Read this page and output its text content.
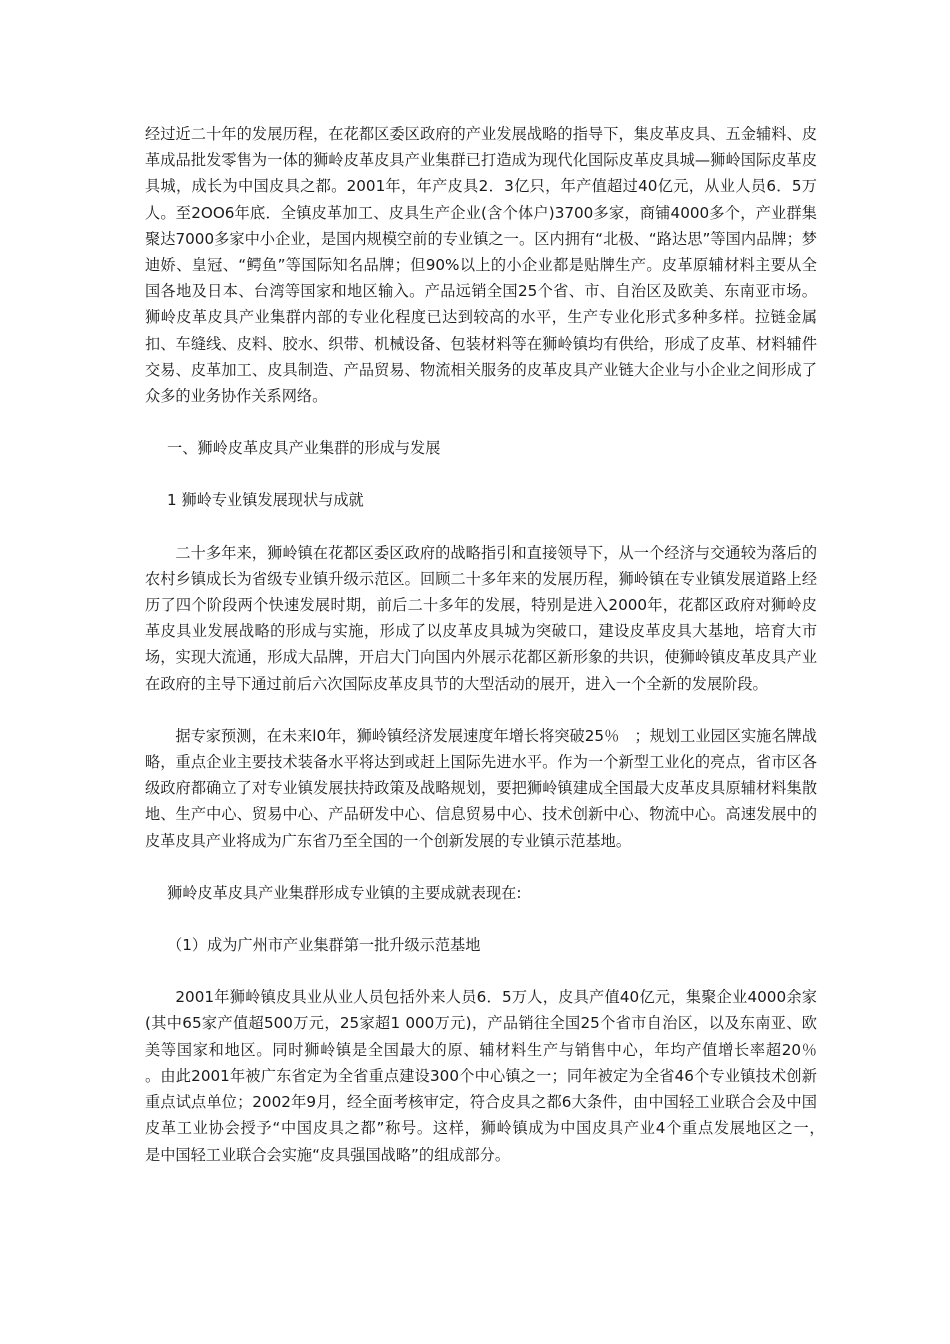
经过近二十年的发展历程，在花都区委区政府的产业发展战略的指导下，集皮革皮具、五金辅料、皮革成品批发零售为一体的狮岭皮革皮具产业集群已打造成为现代化国际皮革皮具城—狮岭国际皮革皮具城，成长为中国皮具之都。2001年，年产皮具2．3亿只，年产值超过40亿元，从业人员6．5万人。至2OO6年底．全镇皮革加工、皮具生产企业(含个体户)3700多家，商铺4000多个，产业群集聚达7000多家中小企业，是国内规模空前的专业镇之一。区内拥有“北极、“路达思”等国内品牌；梦迪娇、皇冠、“鳄鱼”等国际知名品牌；但90%以上的小企业都是贴牌生产。皮革原辅材料主要从全国各地及日本、台湾等国家和地区输入。产品远销全国25个省、市、自治区及欧美、东南亚市场。狮岭皮革皮具产业集群内部的专业化程度已达到较高的水平，生产专业化形式多种多样。拉链金属扣、车缝线、皮料、胶水、织带、机械设备、包装材料等在狮岭镇均有供给，形成了皮革、材料辅件交易、皮革加工、皮具制造、产品贸易、物流相关服务的皮革皮具产业链大企业与小企业之间形成了众多的业务协作关系网络。

一、狮岭皮革皮具产业集群的形成与发展

1 狮岭专业镇发展现状与成就

二十多年来，狮岭镇在花都区委区政府的战略指引和直接领导下，从一个经济与交通较为落后的农村乡镇成长为省级专业镇升级示范区。回顾二十多年来的发展历程，狮岭镇在专业镇发展道路上经历了四个阶段两个快速发展时期，前后二十多年的发展，特别是进入2000年，花都区政府对狮岭皮革皮具业发展战略的形成与实施，形成了以皮革皮具城为突破口，建设皮革皮具大基地，培育大市场，实现大流通，形成大品牌，开启大门向国内外展示花都区新形象的共识，使狮岭镇皮革皮具产业在政府的主导下通过前后六次国际皮革皮具节的大型活动的展开，进入一个全新的发展阶段。

据专家预测，在未来l0年，狮岭镇经济发展速度年增长将突破25％　；规划工业园区实施名牌战略，重点企业主要技术装备水平将达到或赶上国际先进水平。作为一个新型工业化的亮点，省市区各级政府都确立了对专业镇发展扶持政策及战略规划，要把狮岭镇建成全国最大皮革皮具原辅材料集散地、生产中心、贸易中心、产品研发中心、信息贸易中心、技术创新中心、物流中心。高速发展中的皮革皮具产业将成为广东省乃至全国的一个创新发展的专业镇示范基地。

狮岭皮革皮具产业集群形成专业镇的主要成就表现在:

（1）成为广州市产业集群第一批升级示范基地

2001年狮岭镇皮具业从业人员包括外来人员6．5万人，皮具产值40亿元，集聚企业4000余家(其中65家产值超500万元，25家超1 000万元)，产品销往全国25个省市自治区，以及东南亚、欧美等国家和地区。同时狮岭镇是全国最大的原、辅材料生产与销售中心，年均产值增长率超20％　。由此2001年被广东省定为全省重点建设300个中心镇之一；同年被定为全省46个专业镇技术创新重点试点单位；2002年9月，经全面考核审定，符合皮具之都6大条件，由中国轻工业联合会及中国皮革工业协会授予“中国皮具之都”称号。这样，狮岭镇成为中国皮具产业4个重点发展地区之一，　 是中国轻工业联合会实施“皮具强国战略”的组成部分。
